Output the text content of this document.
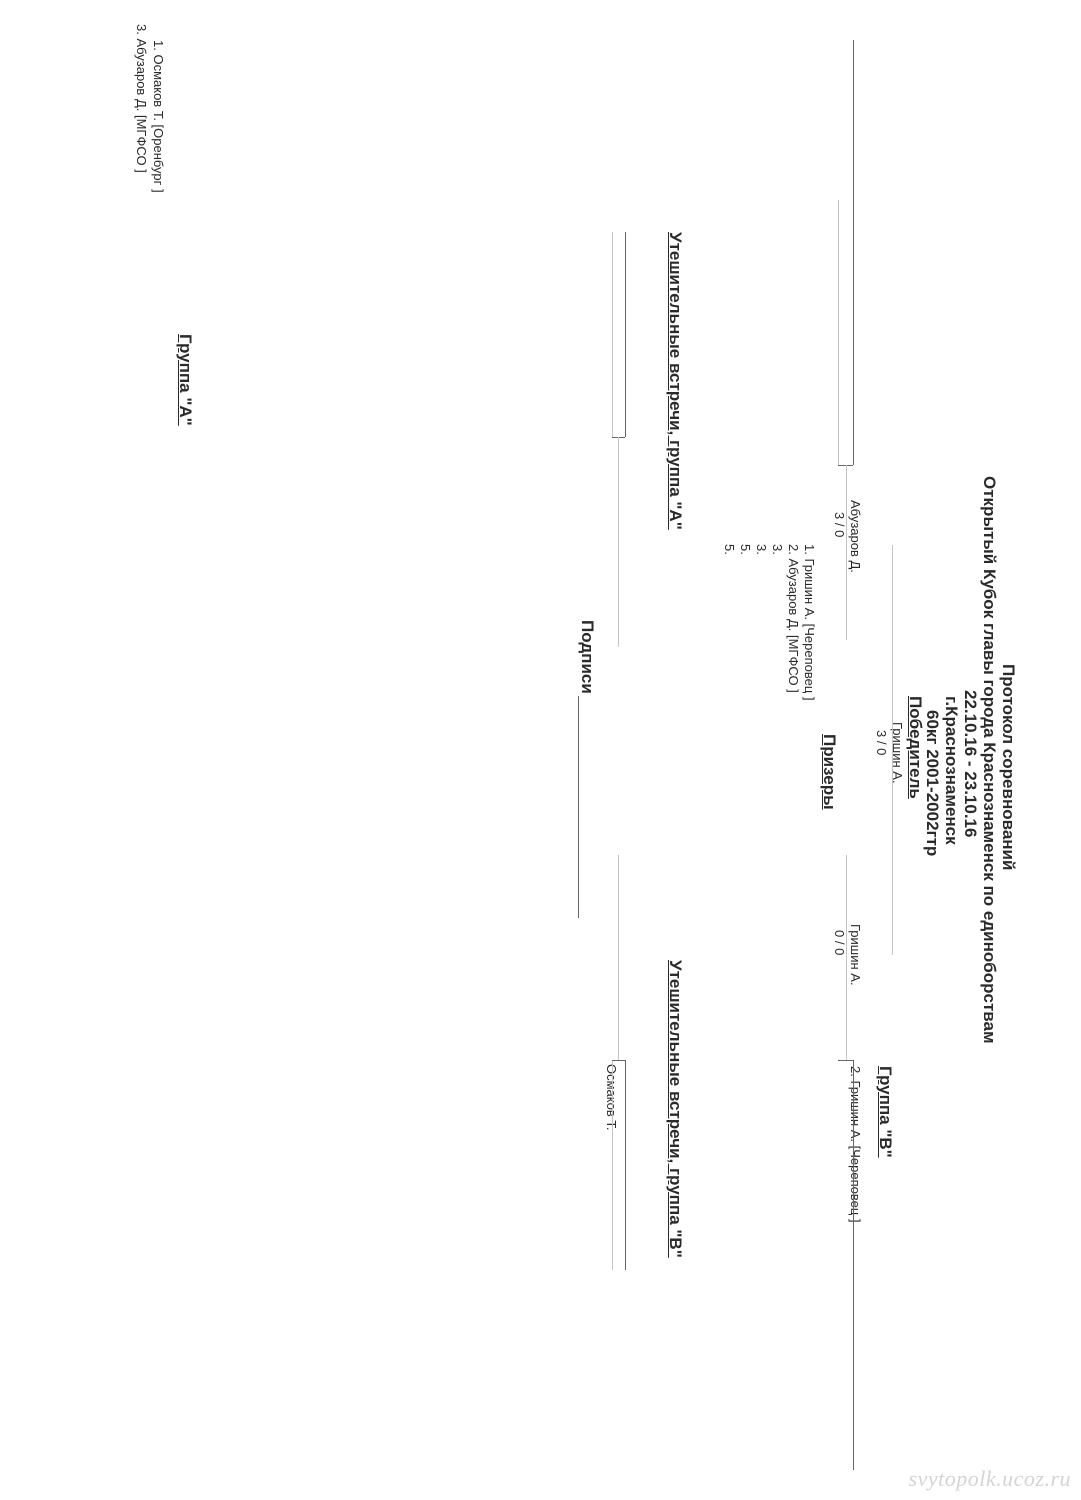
Протокол соревнований
Открытый Кубок главы города Краснознаменск по единоборствам
22.10.16 - 23.10.16
г.Краснознаменск
60кг 2001-2002гтр
Победитель
Гришин А.
3 / 0
Группа "А"
1. Осмаков Т. [Оренбург ]
3. Абузаров Д. [МГФСО ]
Абузаров Д.
3 / 0
Группа "В"
2. Гришин А. [Череповец ]
Гришин А.
0 / 0
Призеры
1. Гришин А. [Череповец ]
2. Абузаров Д. [МГФСО ]
3.
3.
5.
5.
Утешительные встречи, группа "А"
Утешительные встречи, группа "В"
Осмаков Т.
Подписи
svytopolk.ucoz.ru
